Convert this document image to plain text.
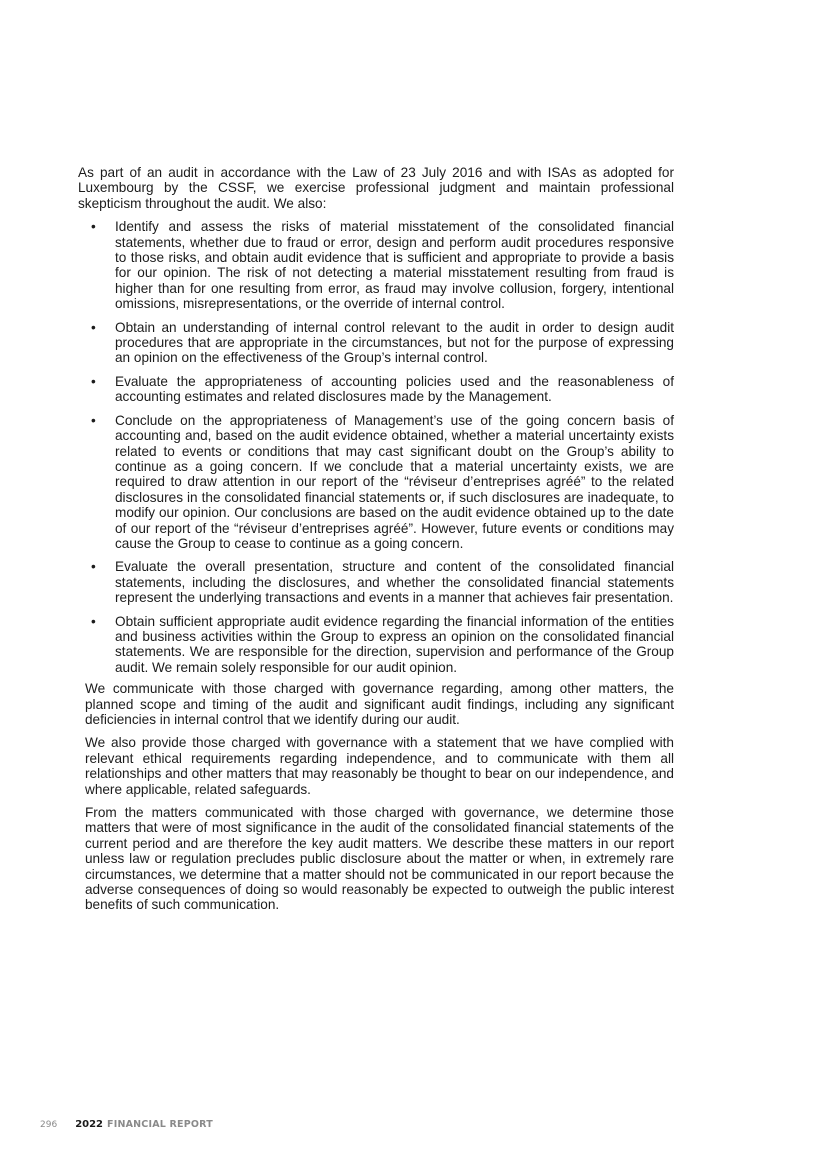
As part of an audit in accordance with the Law of 23 July 2016 and with ISAs as adopted for Luxembourg by the CSSF, we exercise professional judgment and maintain professional skepticism throughout the audit. We also:

• Identify and assess the risks of material misstatement of the consolidated financial statements, whether due to fraud or error, design and perform audit procedures responsive to those risks, and obtain audit evidence that is sufficient and appropriate to provide a basis for our opinion. The risk of not detecting a material misstatement resulting from fraud is higher than for one resulting from error, as fraud may involve collusion, forgery, intentional omissions, misrepresentations, or the override of internal control.
• Obtain an understanding of internal control relevant to the audit in order to design audit procedures that are appropriate in the circumstances, but not for the purpose of expressing an opinion on the effectiveness of the Group’s internal control.
• Evaluate the appropriateness of accounting policies used and the reasonableness of accounting estimates and related disclosures made by the Management.
• Conclude on the appropriateness of Management’s use of the going concern basis of accounting and, based on the audit evidence obtained, whether a material uncertainty exists related to events or conditions that may cast significant doubt on the Group’s ability to continue as a going concern. If we conclude that a material uncertainty exists, we are required to draw attention in our report of the “réviseur d’entreprises agréé” to the related disclosures in the consolidated financial statements or, if such disclosures are inadequate, to modify our opinion. Our conclusions are based on the audit evidence obtained up to the date of our report of the “réviseur d’entreprises agréé”. However, future events or conditions may cause the Group to cease to continue as a going concern.
• Evaluate the overall presentation, structure and content of the consolidated financial statements, including the disclosures, and whether the consolidated financial statements represent the underlying transactions and events in a manner that achieves fair presentation.
• Obtain sufficient appropriate audit evidence regarding the financial information of the entities and business activities within the Group to express an opinion on the consolidated financial statements. We are responsible for the direction, supervision and performance of the Group audit. We remain solely responsible for our audit opinion.

We communicate with those charged with governance regarding, among other matters, the planned scope and timing of the audit and significant audit findings, including any significant deficiencies in internal control that we identify during our audit.

We also provide those charged with governance with a statement that we have complied with relevant ethical requirements regarding independence, and to communicate with them all relationships and other matters that may reasonably be thought to bear on our independence, and where applicable, related safeguards.

From the matters communicated with those charged with governance, we determine those matters that were of most significance in the audit of the consolidated financial statements of the current period and are therefore the key audit matters. We describe these matters in our report unless law or regulation precludes public disclosure about the matter or when, in extremely rare circumstances, we determine that a matter should not be communicated in our report because the adverse consequences of doing so would reasonably be expected to outweigh the public interest benefits of such communication.

296 2022 FINANCIAL REPORT
